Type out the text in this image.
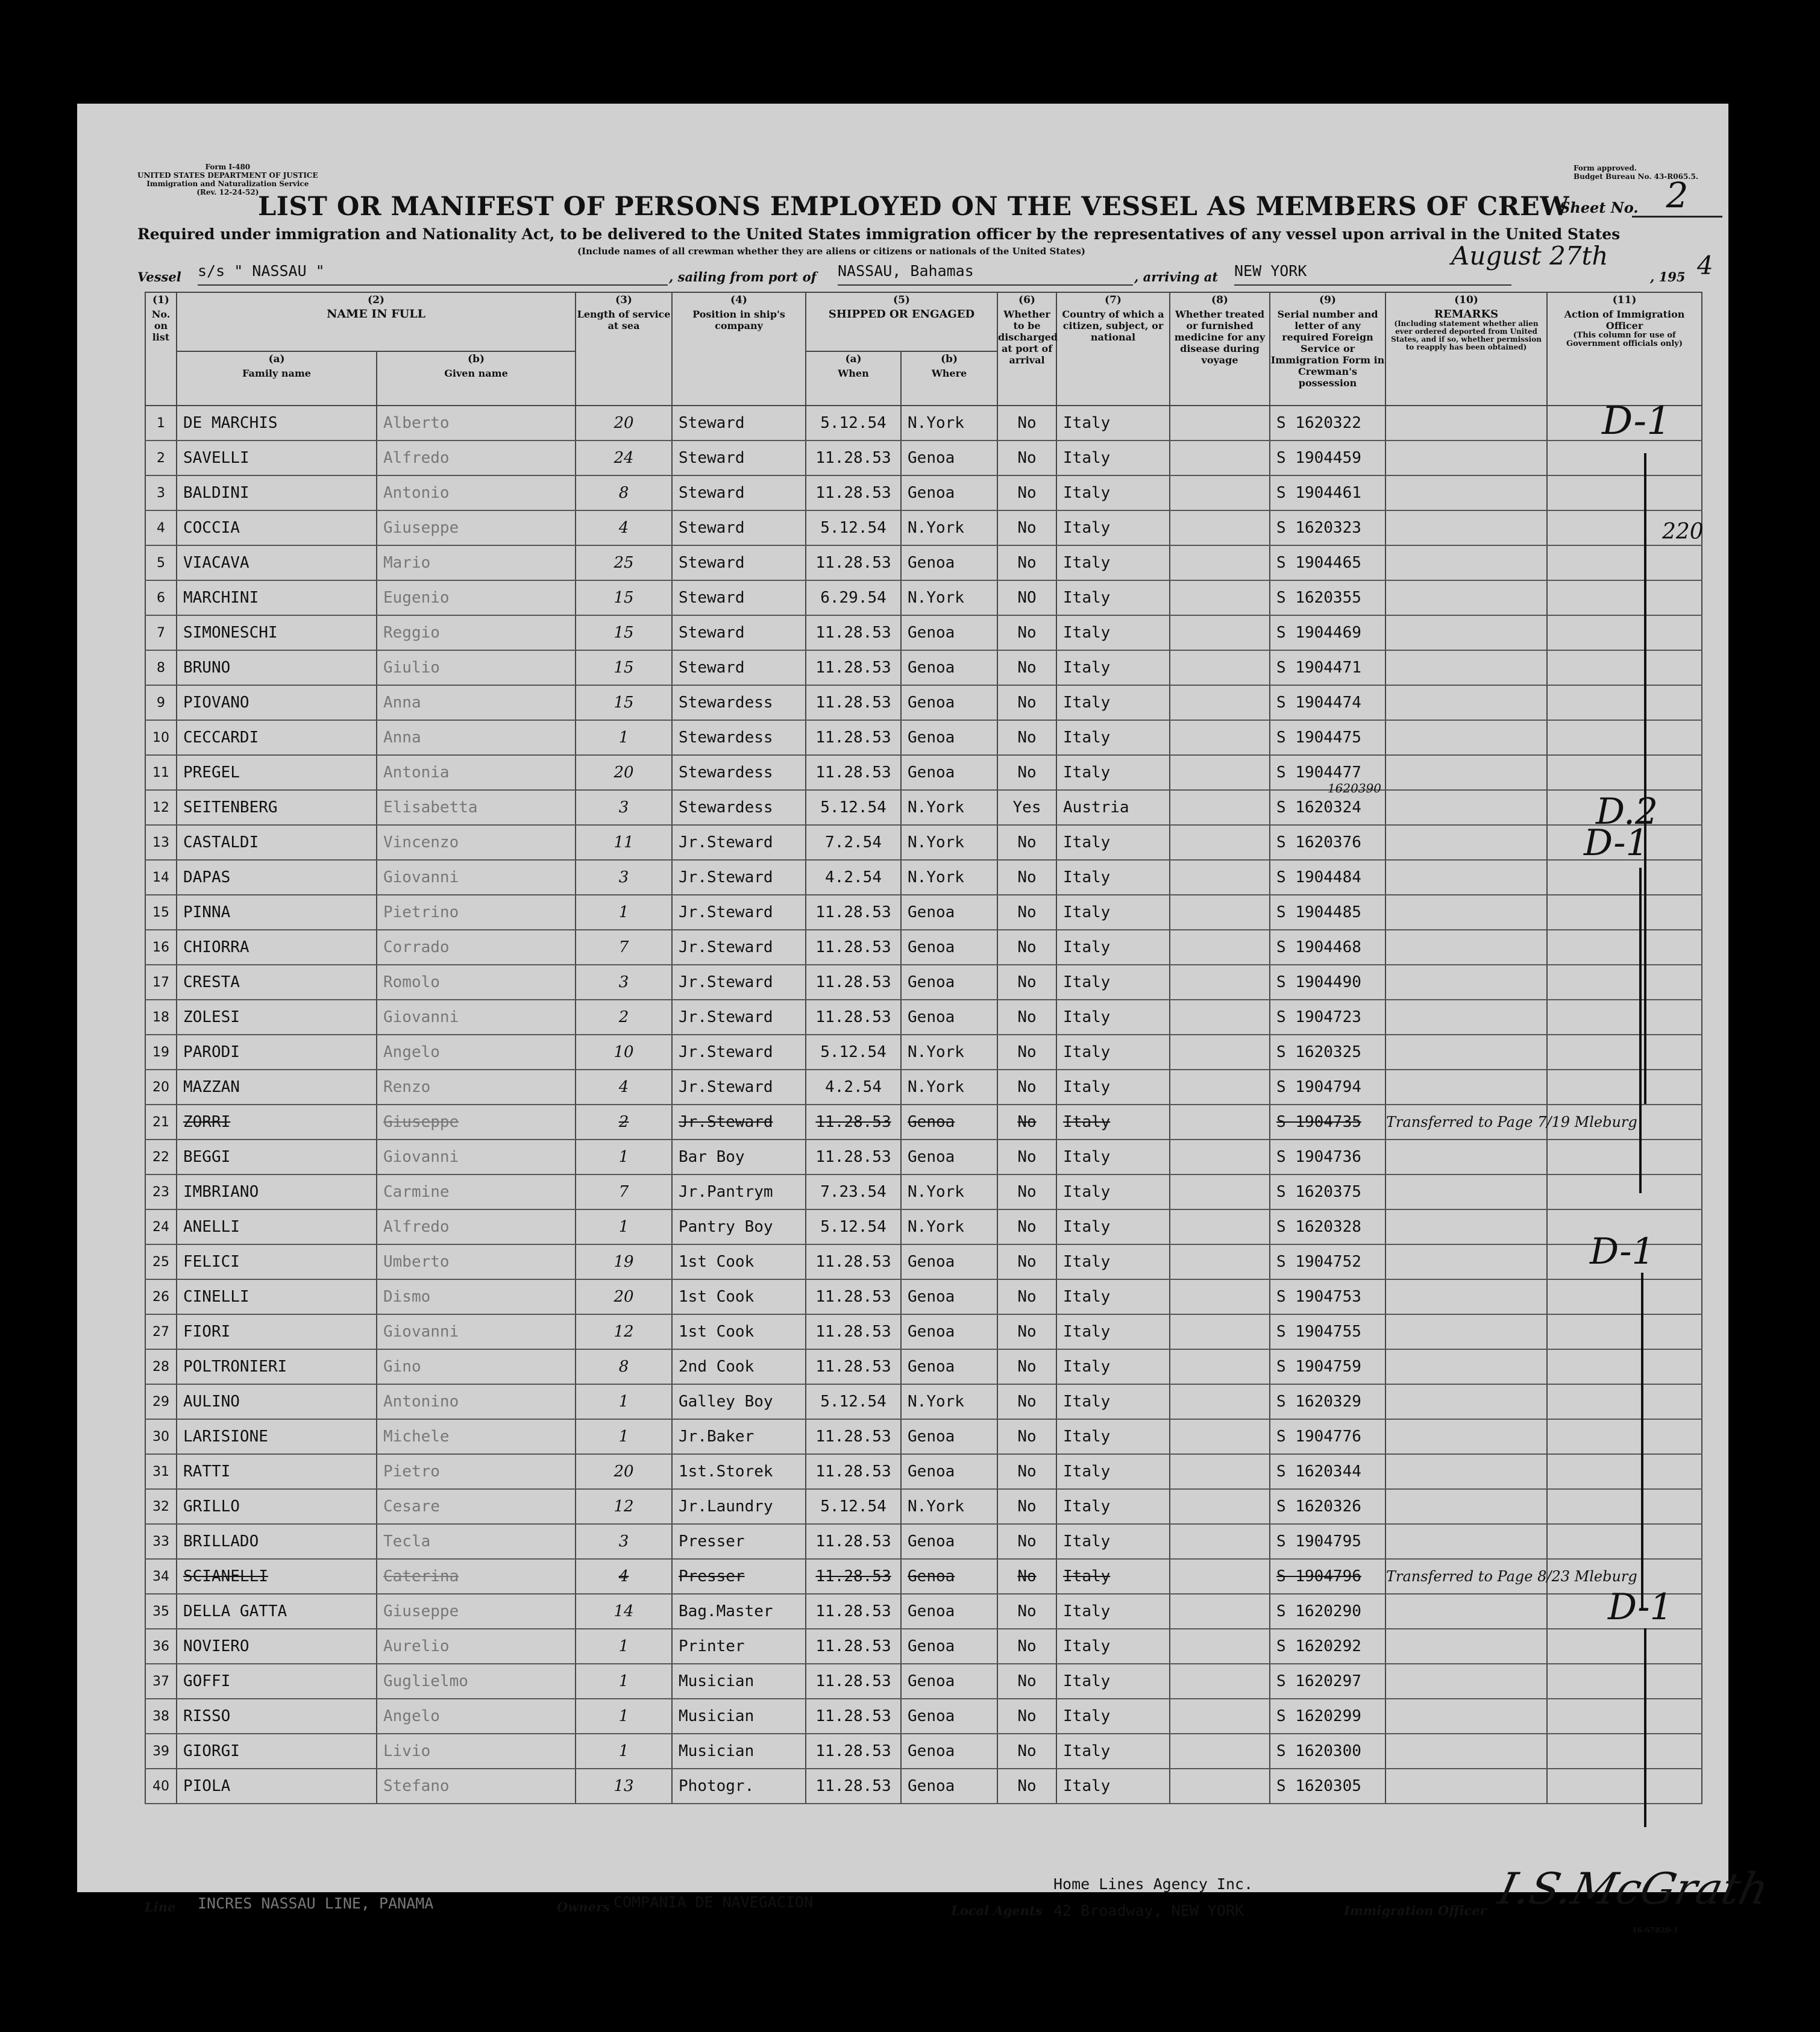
Form I-480
UNITED STATES DEPARTMENT OF JUSTICE
Immigration and Naturalization Service
(Rev. 12-24-52)
Form approved.
Budget Bureau No. 43-R065.5.
LIST OR MANIFEST OF PERSONS EMPLOYED ON THE VESSEL AS MEMBERS OF CREW
Sheet No. 2
Required under immigration and Nationality Act, to be delivered to the United States immigration officer by the representatives of any vessel upon arrival in the United States
(Include names of all crewman whether they are aliens or citizens or nationals of the United States)
Vessel s/s " NASSAU "	, sailing from port of NASSAU, Bahamas	, arriving at NEW YORK
August 27th
, 195 4
(1)
No. on list	(2)
NAME IN FULL		(3)
Length of service at sea	(4)
Position in ship's company	(5)
SHIPPED OR ENGAGED		(6)
Whether to be discharged at port of arrival	(7)
Country of which a citizen, subject, or national	(8)
Whether treated or furnished medicine for any disease during voyage	(9)
Serial number and letter of any required Foreign Service or Immigration Form in Crewman's possession	(10)
REMARKS

(Including statement whether alien ever ordered deported from United States, and if so, whether permission to reapply has been obtained)	(11)
Action of Immigration Officer

(This column for use of Government officials only)

	(a)
Family name	(b)
Given name			(a)
When	(b)
Where						
1	DE MARCHIS	Alberto	20	Steward	5.12.54	N.York	No	Italy		S 1620322		
2	SAVELLI	Alfredo	24	Steward	11.28.53	Genoa	No	Italy		S 1904459		
3	BALDINI	Antonio	8	Steward	11.28.53	Genoa	No	Italy		S 1904461		
4	COCCIA	Giuseppe	4	Steward	5.12.54	N.York	No	Italy		S 1620323		
5	VIACAVA	Mario	25	Steward	11.28.53	Genoa	No	Italy		S 1904465		
6	MARCHINI	Eugenio	15	Steward	6.29.54	N.York	NO	Italy		S 1620355		
7	SIMONESCHI	Reggio	15	Steward	11.28.53	Genoa	No	Italy		S 1904469		
8	BRUNO	Giulio	15	Steward	11.28.53	Genoa	No	Italy		S 1904471		
9	PIOVANO	Anna	15	Stewardess	11.28.53	Genoa	No	Italy		S 1904474		
10	CECCARDI	Anna	1	Stewardess	11.28.53	Genoa	No	Italy		S 1904475		
11	PREGEL	Antonia	20	Stewardess	11.28.53	Genoa	No	Italy		S 1904477		
12	SEITENBERG	Elisabetta	3	Stewardess	5.12.54	N.York	Yes	Austria		S 1620324
1620390		

13	CASTALDI	Vincenzo	11	Jr.Steward	7.2.54	N.York	No	Italy		S 1620376		
14	DAPAS	Giovanni	3	Jr.Steward	4.2.54	N.York	No	Italy		S 1904484		
15	PINNA	Pietrino	1	Jr.Steward	11.28.53	Genoa	No	Italy		S 1904485		
16	CHIORRA	Corrado	7	Jr.Steward	11.28.53	Genoa	No	Italy		S 1904468		
17	CRESTA	Romolo	3	Jr.Steward	11.28.53	Genoa	No	Italy		S 1904490		
18	ZOLESI	Giovanni	2	Jr.Steward	11.28.53	Genoa	No	Italy		S 1904723		
19	PARODI	Angelo	10	Jr.Steward	5.12.54	N.York	No	Italy		S 1620325		
20	MAZZAN	Renzo	4	Jr.Steward	4.2.54	N.York	No	Italy		S 1904794		
21	ZORRI	Giuseppe	2	Jr.Steward	11.28.53	Genoa	No	Italy		S 1904735	Transferred to Page 7/19 Mleburg	
22	BEGGI	Giovanni	1	Bar Boy	11.28.53	Genoa	No	Italy		S 1904736		
23	IMBRIANO	Carmine	7	Jr.Pantrym	7.23.54	N.York	No	Italy		S 1620375		
24	ANELLI	Alfredo	1	Pantry Boy	5.12.54	N.York	No	Italy		S 1620328		
25	FELICI	Umberto	19	1st Cook	11.28.53	Genoa	No	Italy		S 1904752		
26	CINELLI	Dismo	20	1st Cook	11.28.53	Genoa	No	Italy		S 1904753		
27	FIORI	Giovanni	12	1st Cook	11.28.53	Genoa	No	Italy		S 1904755		
28	POLTRONIERI	Gino	8	2nd Cook	11.28.53	Genoa	No	Italy		S 1904759		
29	AULINO	Antonino	1	Galley Boy	5.12.54	N.York	No	Italy		S 1620329		
30	LARISIONE	Michele	1	Jr.Baker	11.28.53	Genoa	No	Italy		S 1904776		
31	RATTI	Pietro	20	1st.Storek	11.28.53	Genoa	No	Italy		S 1620344		
32	GRILLO	Cesare	12	Jr.Laundry	5.12.54	N.York	No	Italy		S 1620326		
33	BRILLADO	Tecla	3	Presser	11.28.53	Genoa	No	Italy		S 1904795		
34	SCIANELLI	Caterina	4	Presser	11.28.53	Genoa	No	Italy		S 1904796	Transferred to Page 8/23 Mleburg	
35	DELLA GATTA	Giuseppe	14	Bag.Master	11.28.53	Genoa	No	Italy		S 1620290		
36	NOVIERO	Aurelio	1	Printer	11.28.53	Genoa	No	Italy		S 1620292		
37	GOFFI	Guglielmo	1	Musician	11.28.53	Genoa	No	Italy		S 1620297		
38	RISSO	Angelo	1	Musician	11.28.53	Genoa	No	Italy		S 1620299		
39	GIORGI	Livio	1	Musician	11.28.53	Genoa	No	Italy		S 1620300		
40	PIOLA	Stefano	13	Photogr.	11.28.53	Genoa	No	Italy		S 1620305		
D-1
220
D.2
D-1
D-1
D-1
Line INCRES NASSAU LINE, PANAMA	Owners COMPANIA DE NAVEGACION	Local Agents
Home Lines Agency Inc.
42 Broadway, NEW YORK	Immigration Officer I.S.McGrath
16-67820-1
